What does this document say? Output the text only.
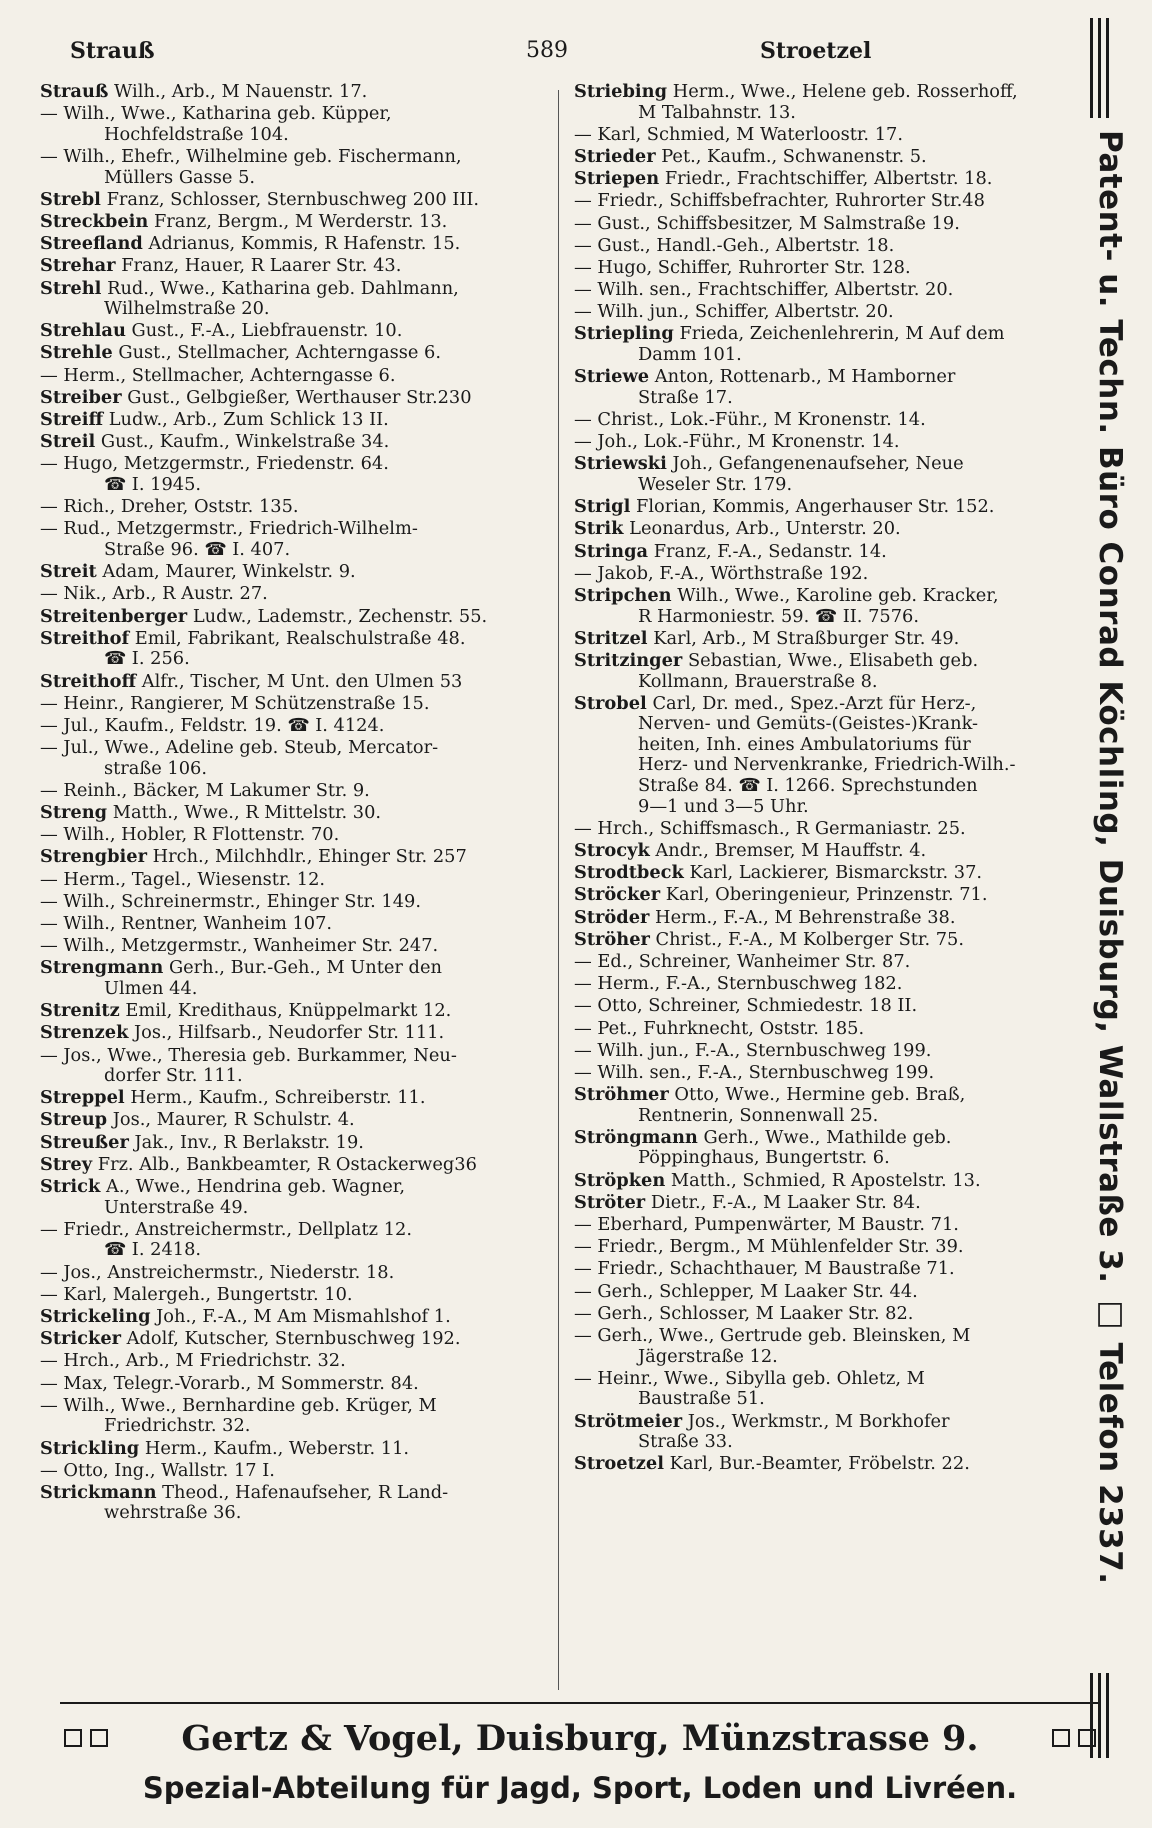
Strauß	589	Stroetzel
Strauß Wilh., Arb., M Nauenstr. 17.
— Wilh., Wwe., Katharina geb. Küpper,
Hochfeldstraße 104.
— Wilh., Ehefr., Wilhelmine geb. Fischermann,
Müllers Gasse 5.
Strebl Franz, Schlosser, Sternbuschweg 200 III.
Streckbein Franz, Bergm., M Werderstr. 13.
Streefland Adrianus, Kommis, R Hafenstr. 15.
Strehar Franz, Hauer, R Laarer Str. 43.
Strehl Rud., Wwe., Katharina geb. Dahlmann,
Wilhelmstraße 20.
Strehlau Gust., F.-A., Liebfrauenstr. 10.
Strehle Gust., Stellmacher, Achterngasse 6.
— Herm., Stellmacher, Achterngasse 6.
Streiber Gust., Gelbgießer, Werthauser Str.230
Streiff Ludw., Arb., Zum Schlick 13 II.
Streil Gust., Kaufm., Winkelstraße 34.
— Hugo, Metzgermstr., Friedenstr. 64.
☎ I. 1945.
— Rich., Dreher, Oststr. 135.
— Rud., Metzgermstr., Friedrich-Wilhelm-
Straße 96. ☎ I. 407.
Streit Adam, Maurer, Winkelstr. 9.
— Nik., Arb., R Austr. 27.
Streitenberger Ludw., Lademstr., Zechenstr. 55.
Streithof Emil, Fabrikant, Realschulstraße 48.
☎ I. 256.
Streithoff Alfr., Tischer, M Unt. den Ulmen 53
— Heinr., Rangierer, M Schützenstraße 15.
— Jul., Kaufm., Feldstr. 19. ☎ I. 4124.
— Jul., Wwe., Adeline geb. Steub, Mercator-
straße 106.
— Reinh., Bäcker, M Lakumer Str. 9.
Streng Matth., Wwe., R Mittelstr. 30.
— Wilh., Hobler, R Flottenstr. 70.
Strengbier Hrch., Milchhdlr., Ehinger Str. 257
— Herm., Tagel., Wiesenstr. 12.
— Wilh., Schreinermstr., Ehinger Str. 149.
— Wilh., Rentner, Wanheim 107.
— Wilh., Metzgermstr., Wanheimer Str. 247.
Strengmann Gerh., Bur.-Geh., M Unter den
Ulmen 44.
Strenitz Emil, Kredithaus, Knüppelmarkt 12.
Strenzek Jos., Hilfsarb., Neudorfer Str. 111.
— Jos., Wwe., Theresia geb. Burkammer, Neu-
dorfer Str. 111.
Streppel Herm., Kaufm., Schreiberstr. 11.
Streup Jos., Maurer, R Schulstr. 4.
Streußer Jak., Inv., R Berlakstr. 19.
Strey Frz. Alb., Bankbeamter, R Ostackerweg36
Strick A., Wwe., Hendrina geb. Wagner,
Unterstraße 49.
— Friedr., Anstreichermstr., Dellplatz 12.
☎ I. 2418.
— Jos., Anstreichermstr., Niederstr. 18.
— Karl, Malergeh., Bungertstr. 10.
Strickeling Joh., F.-A., M Am Mismahlshof 1.
Stricker Adolf, Kutscher, Sternbuschweg 192.
— Hrch., Arb., M Friedrichstr. 32.
— Max, Telegr.-Vorarb., M Sommerstr. 84.
— Wilh., Wwe., Bernhardine geb. Krüger, M
Friedrichstr. 32.
Strickling Herm., Kaufm., Weberstr. 11.
— Otto, Ing., Wallstr. 17 I.
Strickmann Theod., Hafenaufseher, R Land-
wehrstraße 36.
Striebing Herm., Wwe., Helene geb. Rosserhoff,
M Talbahnstr. 13.
— Karl, Schmied, M Waterloostr. 17.
Strieder Pet., Kaufm., Schwanenstr. 5.
Striepen Friedr., Frachtschiffer, Albertstr. 18.
— Friedr., Schiffsbefrachter, Ruhrorter Str.48
— Gust., Schiffsbesitzer, M Salmstraße 19.
— Gust., Handl.-Geh., Albertstr. 18.
— Hugo, Schiffer, Ruhrorter Str. 128.
— Wilh. sen., Frachtschiffer, Albertstr. 20.
— Wilh. jun., Schiffer, Albertstr. 20.
Striepling Frieda, Zeichenlehrerin, M Auf dem
Damm 101.
Striewe Anton, Rottenarb., M Hamborner
Straße 17.
— Christ., Lok.-Führ., M Kronenstr. 14.
— Joh., Lok.-Führ., M Kronenstr. 14.
Striewski Joh., Gefangenenaufseher, Neue
Weseler Str. 179.
Strigl Florian, Kommis, Angerhauser Str. 152.
Strik Leonardus, Arb., Unterstr. 20.
Stringa Franz, F.-A., Sedanstr. 14.
— Jakob, F.-A., Wörthstraße 192.
Stripchen Wilh., Wwe., Karoline geb. Kracker,
R Harmoniestr. 59. ☎ II. 7576.
Stritzel Karl, Arb., M Straßburger Str. 49.
Stritzinger Sebastian, Wwe., Elisabeth geb.
Kollmann, Brauerstraße 8.
Strobel Carl, Dr. med., Spez.-Arzt für Herz-,
Nerven- und Gemüts-(Geistes-)Krank-
heiten, Inh. eines Ambulatoriums für
Herz- und Nervenkranke, Friedrich-Wilh.-
Straße 84. ☎ I. 1266. Sprechstunden
9—1 und 3—5 Uhr.
— Hrch., Schiffsmasch., R Germaniastr. 25.
Strocyk Andr., Bremser, M Hauffstr. 4.
Strodtbeck Karl, Lackierer, Bismarckstr. 37.
Ströcker Karl, Oberingenieur, Prinzenstr. 71.
Ströder Herm., F.-A., M Behrenstraße 38.
Ströher Christ., F.-A., M Kolberger Str. 75.
— Ed., Schreiner, Wanheimer Str. 87.
— Herm., F.-A., Sternbuschweg 182.
— Otto, Schreiner, Schmiedestr. 18 II.
— Pet., Fuhrknecht, Oststr. 185.
— Wilh. jun., F.-A., Sternbuschweg 199.
— Wilh. sen., F.-A., Sternbuschweg 199.
Ströhmer Otto, Wwe., Hermine geb. Braß,
Rentnerin, Sonnenwall 25.
Ströngmann Gerh., Wwe., Mathilde geb.
Pöppinghaus, Bungertstr. 6.
Ströpken Matth., Schmied, R Apostelstr. 13.
Ströter Dietr., F.-A., M Laaker Str. 84.
— Eberhard, Pumpenwärter, M Baustr. 71.
— Friedr., Bergm., M Mühlenfelder Str. 39.
— Friedr., Schachthauer, M Baustraße 71.
— Gerh., Schlepper, M Laaker Str. 44.
— Gerh., Schlosser, M Laaker Str. 82.
— Gerh., Wwe., Gertrude geb. Bleinsken, M
Jägerstraße 12.
— Heinr., Wwe., Sibylla geb. Ohletz, M
Baustraße 51.
Strötmeier Jos., Werkmstr., M Borkhofer
Straße 33.
Stroetzel Karl, Bur.-Beamter, Fröbelstr. 22.	Patent- u. Techn. Büro Conrad Köchling, Duisburg, Wallstraße 3. □ Telefon 2337.
Gertz & Vogel, Duisburg, Münzstrasse 9.
Spezial-Abteilung für Jagd, Sport, Loden und Livréen.
